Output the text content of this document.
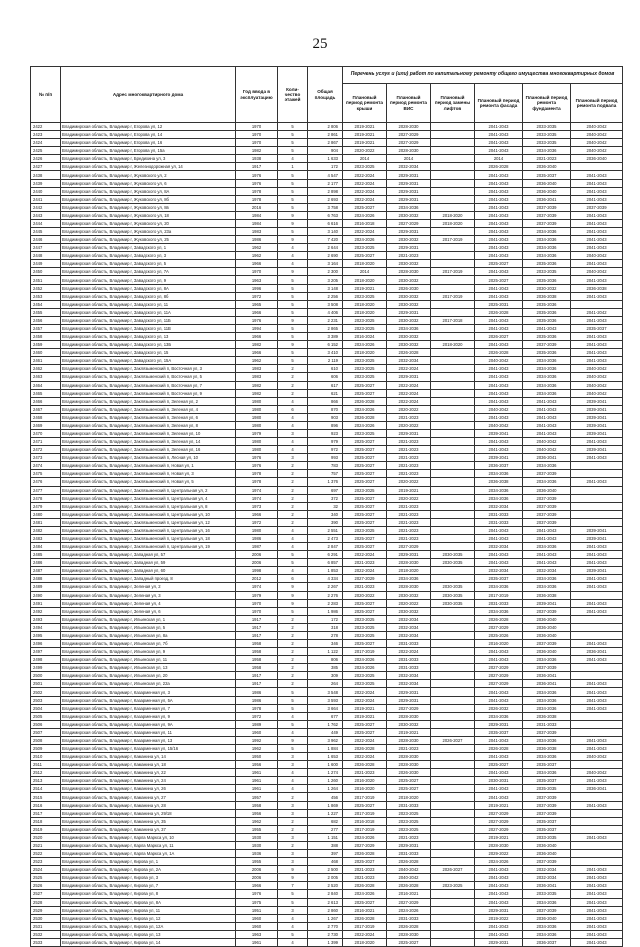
25
№ п/п	Адрес многоквартирного дома	Год ввода в эксплуатацию	Коли-чество этажей	Общая площадь	Перечень услуг и (или) работ по капитальному ремонту общего имущества многоквартирных домов					
					Плановый период ремонта крыши	Плановый период ремонта ВИС	Плановый период замены лифтов	Плановый период ремонта фасада	Плановый период ремонта фундамента	Плановый период ремонта подвала
2422	Владимирская область, Владимир г, Егорова ул, 12	1970	5	2 806	2019-2021	2028-2030		2041-2043	2033-2035	2040-2042
2423	Владимирская область, Владимир г, Егорова ул, 14	1970	5	2 861	2019-2021	2027-2029		2041-2043	2033-2035	2040-2042
2424	Владимирская область, Владимир г, Егорова ул, 16	1970	5	2 867	2019-2021	2027-2029		2041-2043	2033-2035	2040-2042
2425	Владимирская область, Владимир г, Егорова ул, 15а	1982	5	904	2020-2022	2028-2030		2041-2043	2034-2036	2040-2042
2426	Владимирская область, Владимир г, Бредихина ул, 3	1938	4	1 633	2014	2014		2014	2021-2023	2036-2040
2427	Владимирская область, Владимир г, Железнодорожная ул, 14	1917	1	172	2023-2025	2032-2034		2026-2028	2036-2040	
2438	Владимирская область, Владимир г, Жуковского ул, 2	1976	5	4 547	2022-2024	2029-2031		2041-2043	2035-2037	2041-2043
2439	Владимирская область, Владимир г, Жуковского ул, 6	1976	5	2 177	2022-2024	2029-2031		2041-2043	2036-2040	2041-2043
2440	Владимирская область, Владимир г, Жуковского ул, 8А	1978	5	2 898	2022-2024	2029-2031		2041-2043	2036-2040	2041-2043
2441	Владимирская область, Владимир г, Жуковского ул, 8б	1978	5	2 693	2022-2024	2029-2031		2041-2043	2036-2041	2041-2043
2442	Владимирская область, Владимир г, Жуковского ул, 8в	2016	5	3 758	2025-2027	2034-2036		2041-2043	2037-2039	2037-2039
2443	Владимирская область, Владимир г, Жуковского ул, 18	1984	9	6 763	2024-2026	2030-2032	2018-2020	2041-2043	2037-2039	2041-2043
2444	Владимирская область, Владимир г, Жуковского ул, 20	1984	9	6 616	2016-2018	2027-2029	2018-2020	2041-2043	2037-2039	2041-2043
2445	Владимирская область, Владимир г, Жуковского ул, 23а	1983	5	3 140	2022-2024	2029-2031		2041-2043	2034-2036	2041-2043
2446	Владимирская область, Владимир г, Жуковского ул, 25	1986	9	7 420	2024-2026	2030-2032	2017-2019	2041-2043	2034-2036	2041-2043
2447	Владимирская область, Владимир г, Завадского ул, 1	1962	4	2 644	2023-2025	2029-2031		2041-2043	2034-2036	2041-2043
2448	Владимирская область, Владимир г, Завадского ул, 3	1962	4	2 690	2025-2027	2021-2023		2041-2043	2034-2036	2040-2042
2449	Владимирская область, Владимир г, Завадского ул, 5	1966	4	3 164	2018-2020	2030-2032		2025-2027	2035-2036	2041-2043
2450	Владимирская область, Владимир г, Завадского ул, 7А	1970	9	2 300	2014	2028-2030	2017-2019	2041-2043	2033-2035	2040-2042
2451	Владимирская область, Владимир г, Завадского ул, 9	1963	5	3 205	2018-2020	2030-2032		2025-2027	2035-2036	2041-2043
2452	Владимирская область, Владимир г, Завадского ул, 8А	1996	5	3 148	2019-2021	2026-2030		2041-2043	2030-2032	2036-2038
2453	Владимирская область, Владимир г, Завадского ул, 8б	1972	5	2 256	2023-2025	2030-2032	2017-2019	2041-2043	2036-2038	2041-2043
2454	Владимирская область, Владимир г, Завадского ул, 11	1965	5	3 508	2018-2020	2030-2032		2025-2031	2035-2036	
2455	Владимирская область, Владимир г, Завадского ул, 11А	1966	5	4 406	2018-2020	2029-2031		2026-2028	2035-2036	2041-2042
2456	Владимирская область, Владимир г, Завадского ул, 11Б	1976	9	2 231	2023-2025	2030-2032	2017-2018	2041-2043	2035-2036	2041-2043
2457	Владимирская область, Владимир г, Завадского ул, 11В	1994	5	2 865	2023-2025	2034-2036		2041-2043	2041-2043	2035-2037
2458	Владимирская область, Владимир г, Завадского ул, 13	1966	5	3 389	2016-2024	2030-2032		2026-2027	2035-2036	2041-2043
2459	Владимирская область, Владимир г, Завадского ул, 13Б	1982	9	6 152	2024-2026	2030-2032	2018-2020	2041-2043	2037-2039	2041-2043
2460	Владимирская область, Владимир г, Завадского ул, 15	1966	5	3 410	2018-2020	2026-2028		2026-2028	2035-2036	2041-2043
2461	Владимирская область, Владимир г, Завадского ул, 15А	1962	5	2 119	2023-2025	2032-2034		2040-2042	2034-2036	2041-2043
2462	Владимирская область, Владимир г, Заклязьменский п, Восточная ул, 3	1983	2	610	2023-2025	2022-2024		2041-2043	2034-2036	2040-2042
2463	Владимирская область, Владимир г, Заклязьменский п, Восточная ул, 5	1983	2	606	2023-2025	2029-2031		2041-2043	2034-2036	2040-2042
2464	Владимирская область, Владимир г, Заклязьменский п, Восточная ул, 7	1982	2	617	2025-2027	2022-2024		2041-2043	2034-2036	2040-2042
2465	Владимирская область, Владимир г, Заклязьменский п, Восточная ул, 9	1982	2	621	2025-2027	2022-2024		2041-2043	2034-2036	2040-2042
2466	Владимирская область, Владимир г, Заклязьменский п, Зеленая ул, 2	1980	4	866	2026-2028	2022-2024		2041-2043	2041-2043	2039-2041
2467	Владимирская область, Владимир г, Заклязьменский п, Зеленая ул, 4	1980	6	870	2024-2026	2020-2022		2040-2042	2041-2043	2039-2041
2468	Владимирская область, Владимир г, Заклязьменский п, Зеленая ул, 6	1980	4	903	2026-2028	2021-2023		2041-2043	2041-2043	2039-2041
2469	Владимирская область, Владимир г, Заклязьменский п, Зеленая ул, 8	1980	4	896	2024-2026	2020-2022		2040-2042	2041-2043	2039-2041
2470	Владимирская область, Владимир г, Заклязьменский п, Зеленая ул, 10	1979	3	923	2023-2025	2029-2031		2039-2041	2041-2043	2039-2041
2471	Владимирская область, Владимир г, Заклязьменский п, Зеленая ул, 14	1980	4	979	2025-2027	2021-2023		2041-2043	2040-2042	2041-2043
2472	Владимирская область, Владимир г, Заклязьменский п, Зеленая ул, 16	1980	4	972	2025-2027	2021-2023		2041-2043	2040-2042	2039-2041
2473	Владимирская область, Владимир г, Заклязьменский п, Лесная ул, 10	1976	3	993	2025-2027	2021-2023		2039-2041	2036-2041	2041-2043
2474	Владимирская область, Владимир г, Заклязьменский п, Новая ул, 1	1976	2	783	2025-2027	2021-2023		2036-2037	2034-2036	
2475	Владимирская область, Владимир г, Заклязьменский п, Новая ул, 3	1978	2	757	2025-2027	2021-2023		2034-2036	2037-2039	
2476	Владимирская область, Владимир г, Заклязьменский п, Новая ул, 5	1978	2	1 376	2025-2027	2020-2022		2036-2038	2034-2036	2041-2043
2477	Владимирская область, Владимир г, Заклязьменский п, Центральная ул, 2	1974	2	697	2023-2025	2019-2021		2034-2036	2036-2040	
2478	Владимирская область, Владимир г, Заклязьменский п, Центральная ул, 4	1974	2	372	2025-2027	2020-2022		2034-2036	2037-2039	
2479	Владимирская область, Владимир г, Заклязьменский п, Центральная ул, 8	1973	2	32	2025-2027	2021-2023		2032-2034	2037-2039	
2480	Владимирская область, Владимир г, Заклязьменский п, Центральная ул, 10	1966	2	340	2025-2027	2021-2023		2031-2033	2037-2039	
2481	Владимирская область, Владимир г, Заклязьменский п, Центральная ул, 12	1972	2	390	2025-2027	2021-2023		2031-2033	2037-2039	
2482	Владимирская область, Владимир г, Заклязьменский п, Центральная ул, 16	1980	4	2 551	2023-2025	2021-2023		2041-2043	2041-2043	2039-2041
2483	Владимирская область, Владимир г, Заклязьменский п, Центральная ул, 18	1986	4	2 473	2025-2027	2021-2023		2041-2043	2041-2043	2039-2041
2484	Владимирская область, Владимир г, Заклязьменский п, Центральная ул, 19	1987	4	2 847	2025-2027	2027-2029		2032-2034	2034-2036	2041-2043
2485	Владимирская область, Владимир г, Западная ул, 57	2006	5	6 291	2022-2024	2029-2031	2030-2035	2041-2043	2041-2043	2041-2043
2486	Владимирская область, Владимир г, Западная ул, 59	2006	5	6 857	2021-2023	2028-2030	2030-2035	2041-2043	2041-2043	2041-2043
2487	Владимирская область, Владимир г, Западная ул, 60	1998	4	1 853	2022-2024	2018-2020		2032-2034	2032-2034	2039-2041
2488	Владимирская область, Владимир г, Западный проезд, 8	2012	6	4 334	2027-2029	2034-2036		2035-2037	2034-2036	2041-2043
2489	Владимирская область, Владимир г, Зеленая ул, 2	1974	9	2 267	2021-2023	2028-2030	2030-2035	2034-2036	2034-2036	2041-2043
2490	Владимирская область, Владимир г, Зеленая ул, 3	1979	9	2 276	2020-2022	2030-2032	2030-2035	2017-2019	2036-2038	
2491	Владимирская область, Владимир г, Зеленая ул, 4	1970	9	2 283	2025-2027	2020-2022	2030-2035	2031-2033	2039-2041	2041-2043
2492	Владимирская область, Владимир г, Зеленая ул, 6	1970	5	1 986	2025-2027	2030-2032		2034-2036	2037-2039	2041-2043
2493	Владимирская область, Владимир г, Ильинская ул, 1	1917	2	172	2023-2025	2032-2034		2026-2028	2036-2040	
2494	Владимирская область, Владимир г, Ильинская ул, 5	1917	2	318	2023-2025	2032-2034		2027-2029	2036-2040	
2495	Владимирская область, Владимир г, Ильинская ул, 8а	1917	2	278	2023-2025	2032-2034		2025-2026	2036-2040	
2496	Владимирская область, Владимир г, Ильинская ул, 7б	1958	2	346	2025-2027	2031-2033		2016-2020	2037-2039	2041-2043
2497	Владимирская область, Владимир г, Ильинская ул, 9	1958	2	1 122	2017-2019	2022-2024		2041-2043	2036-2040	2036-2041
2498	Владимирская область, Владимир г, Ильинская ул, 11	1958	2	806	2024-2026	2031-2033		2041-2043	2034-2036	2041-2043
2499	Владимирская область, Владимир г, Ильинская ул, 13	1958	2	385	2024-2026	2031-2033		2027-2029	2037-2039	
2500	Владимирская область, Владимир г, Ильинская ул, 20	1917	2	309	2023-2025	2032-2034		2027-2029	2036-2041	
2501	Владимирская область, Владимир г, Ильинская ул, 22а	1917	2	264	2023-2025	2032-2034		2027-2029	2036-2041	2041-2043
2502	Владимирская область, Владимир г, Казарменная ул, 3	1986	5	3 548	2022-2024	2029-2031		2041-2043	2034-2036	2041-2043
2503	Владимирская область, Владимир г, Казарменная ул, 5А	1986	5	3 593	2022-2024	2029-2031		2041-2043	2034-2036	2041-2043
2504	Владимирская область, Владимир г, Казарменная ул, 7	1978	5	3 664	2019-2021	2027-2029		2026-2032	2034-2036	2041-2043
2505	Владимирская область, Владимир г, Казарменная ул, 9	1972	4	677	2019-2021	2028-2030		2034-2036	2036-2038	
2506	Владимирская область, Владимир г, Казарменная ул, 9А	1989	5	1 762	2025-2027	2030-2032		2029-2031	2031-2033	
2507	Владимирская область, Владимир г, Казарменная ул, 11	1960	4	449	2025-2027	2019-2021		2035-2037	2037-2039	
2508	Владимирская область, Владимир г, Казарменная ул, 13	1992	9	3 962	2022-2024	2028-2030	2026-2027	2041-2043	2034-2036	2041-2043
2509	Владимирская область, Владимир г, Казарменная ул, 15/16	1962	5	1 884	2026-2028	2021-2023		2026-2028	2036-2038	2041-2043
2510	Владимирская область, Владимир г, Каманина ул, 14	1950	3	1 653	2022-2024	2028-2030		2041-2043	2034-2036	2040-2042
2511	Владимирская область, Владимир г, Каманина ул, 18	1956	3	1 600	2026-2028	2028-2030		2025-2027	2035-2037	
2512	Владимирская область, Владимир г, Каманина ул, 22	1961	4	1 274	2021-2023	2026-2030		2041-2043	2034-2036	2040-2042
2513	Владимирская область, Владимир г, Каманина ул, 24	1961	4	1 260	2016-2020	2025-2027		2030-2031	2035-2037	2041-2043
2514	Владимирская область, Владимир г, Каманина ул, 26	1961	4	1 264	2016-2020	2025-2027		2041-2043	2035-2035	2036-2041
2515	Владимирская область, Владимир г, Каманина ул, 27	1957	2	456	2017-2019	2018-2020		2041-2043	2037-2039	
2516	Владимирская область, Владимир г, Каманина ул, 28	1958	3	1 869	2025-2027	2031-2033		2019-2021	2037-2039	2041-2043
2517	Владимирская область, Владимир г, Каманина ул, 29/18	1956	3	1 227	2017-2019	2023-2025		2027-2029	2037-2039	
2518	Владимирская область, Владимир г, Каманина ул, 35	1962	2	682	2016-2018	2023-2025		2027-2029	2035-2037	
2519	Владимирская область, Владимир г, Каманина ул, 37	1955	2	277	2017-2019	2023-2025		2027-2029	2035-2037	
2520	Владимирская область, Владимир г, Карла Маркса ул, 10	1930	3	1 151	2024-2026	2021-2023		2019-2021	2033-2035	2041-2043
2521	Владимирская область, Владимир г, Карла Маркса ул, 11	1930	2	388	2027-2029	2029-2031		2028-2030	2036-2040	
2522	Владимирская область, Владимир г, Карла Маркса ул, 1А	1936	3	397	2026-2028	2031-2033		2029-2022	2036-2040	
2523	Владимирская область, Владимир г, Кирова ул, 1	1955	3	468	2025-2027	2026-2028		2024-2026	2037-2039	
2524	Владимирская область, Владимир г, Кирова ул, 2А	2006	9	2 500	2021-2023	2040-2042	2026-2027	2041-2043	2032-2034	2041-2043
2525	Владимирская область, Владимир г, Кирова ул, 3	2006	9	2 005	2021-2023	2040-2042		2041-2043	2032-2034	2041-2043
2526	Владимирская область, Владимир г, Кирова ул, 7	1966	7	2 520	2026-2028	2026-2028	2023-2025	2041-2043	2036-2041	2041-2043
2527	Владимирская область, Владимир г, Кирова ул, 8	1976	5	2 840	2024-2026	2016-2021		2041-2043	2033-2035	2041-2043
2528	Владимирская область, Владимир г, Кирова ул, 8А	1975	5	2 613	2025-2027	2027-2029		2041-2043	2034-2036	2041-2043
2529	Владимирская область, Владимир г, Кирова ул, 11	1951	3	2 860	2016-2021	2024-2026		2029-2031	2037-2039	2041-2043
2530	Владимирская область, Владимир г, Кирова ул, 12	1960	4	1 267	2026-2028	2031-2033		2019-2022	2036-2040	2041-2043
2531	Владимирская область, Владимир г, Кирова ул, 12А	1960	4	2 770	2017-2019	2026-2028		2041-2043	2034-2036	2041-2043
2532	Владимирская область, Владимир г, Кирова ул, 13	1963	5	2 730	2022-2024	2028-2030		2041-2043	2034-2036	2041-2043
2533	Владимирская область, Владимир г, Кирова ул, 14	1961	4	1 399	2018-2020	2025-2027		2029-2031	2036-2037	2041-2043
